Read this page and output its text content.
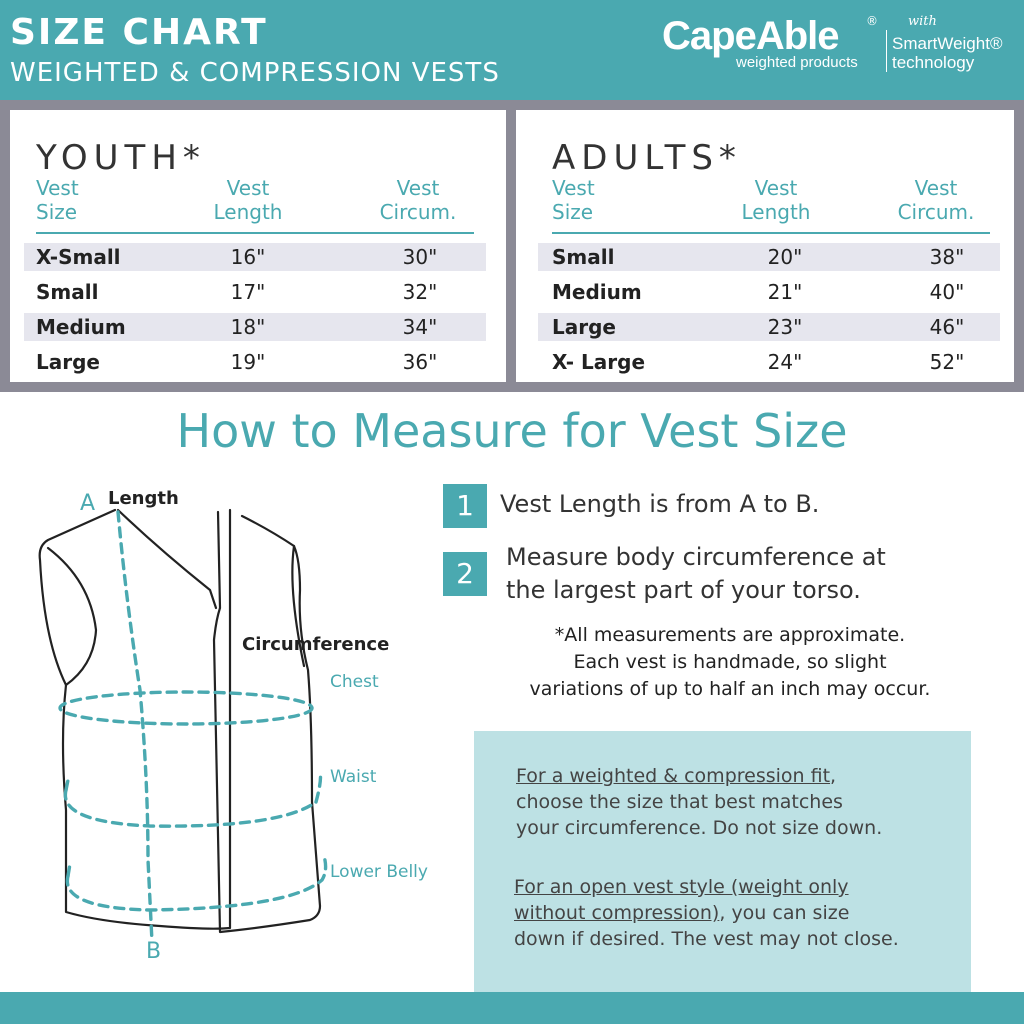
SIZE CHART
WEIGHTED & COMPRESSION VESTS
CapeAble ®
weighted products
with
SmartWeight®
technology
YOUTH*
Vest
Size
Vest
Length
Vest
Circum.
X-Small	16"	30"
Small	17"	32"
Medium	18"	34"
Large	19"	36"
ADULTS*
Vest
Size
Vest
Length
Vest
Circum.
Small	20"	38"
Medium	21"	40"
Large	23"	46"
X- Large	24"	52"
How to Measure for Vest Size
A Length
B
Circumference
Chest
Waist
Lower Belly
1	Vest Length is from A to B.
2	Measure body circumference at
the largest part of your torso.
*All measurements are approximate.
Each vest is handmade, so slight
variations of up to half an inch may occur.
For a weighted & compression fit,
choose the size that best matches
your circumference. Do not size down.
For an open vest style (weight only
without compression), you can size
down if desired. The vest may not close.
